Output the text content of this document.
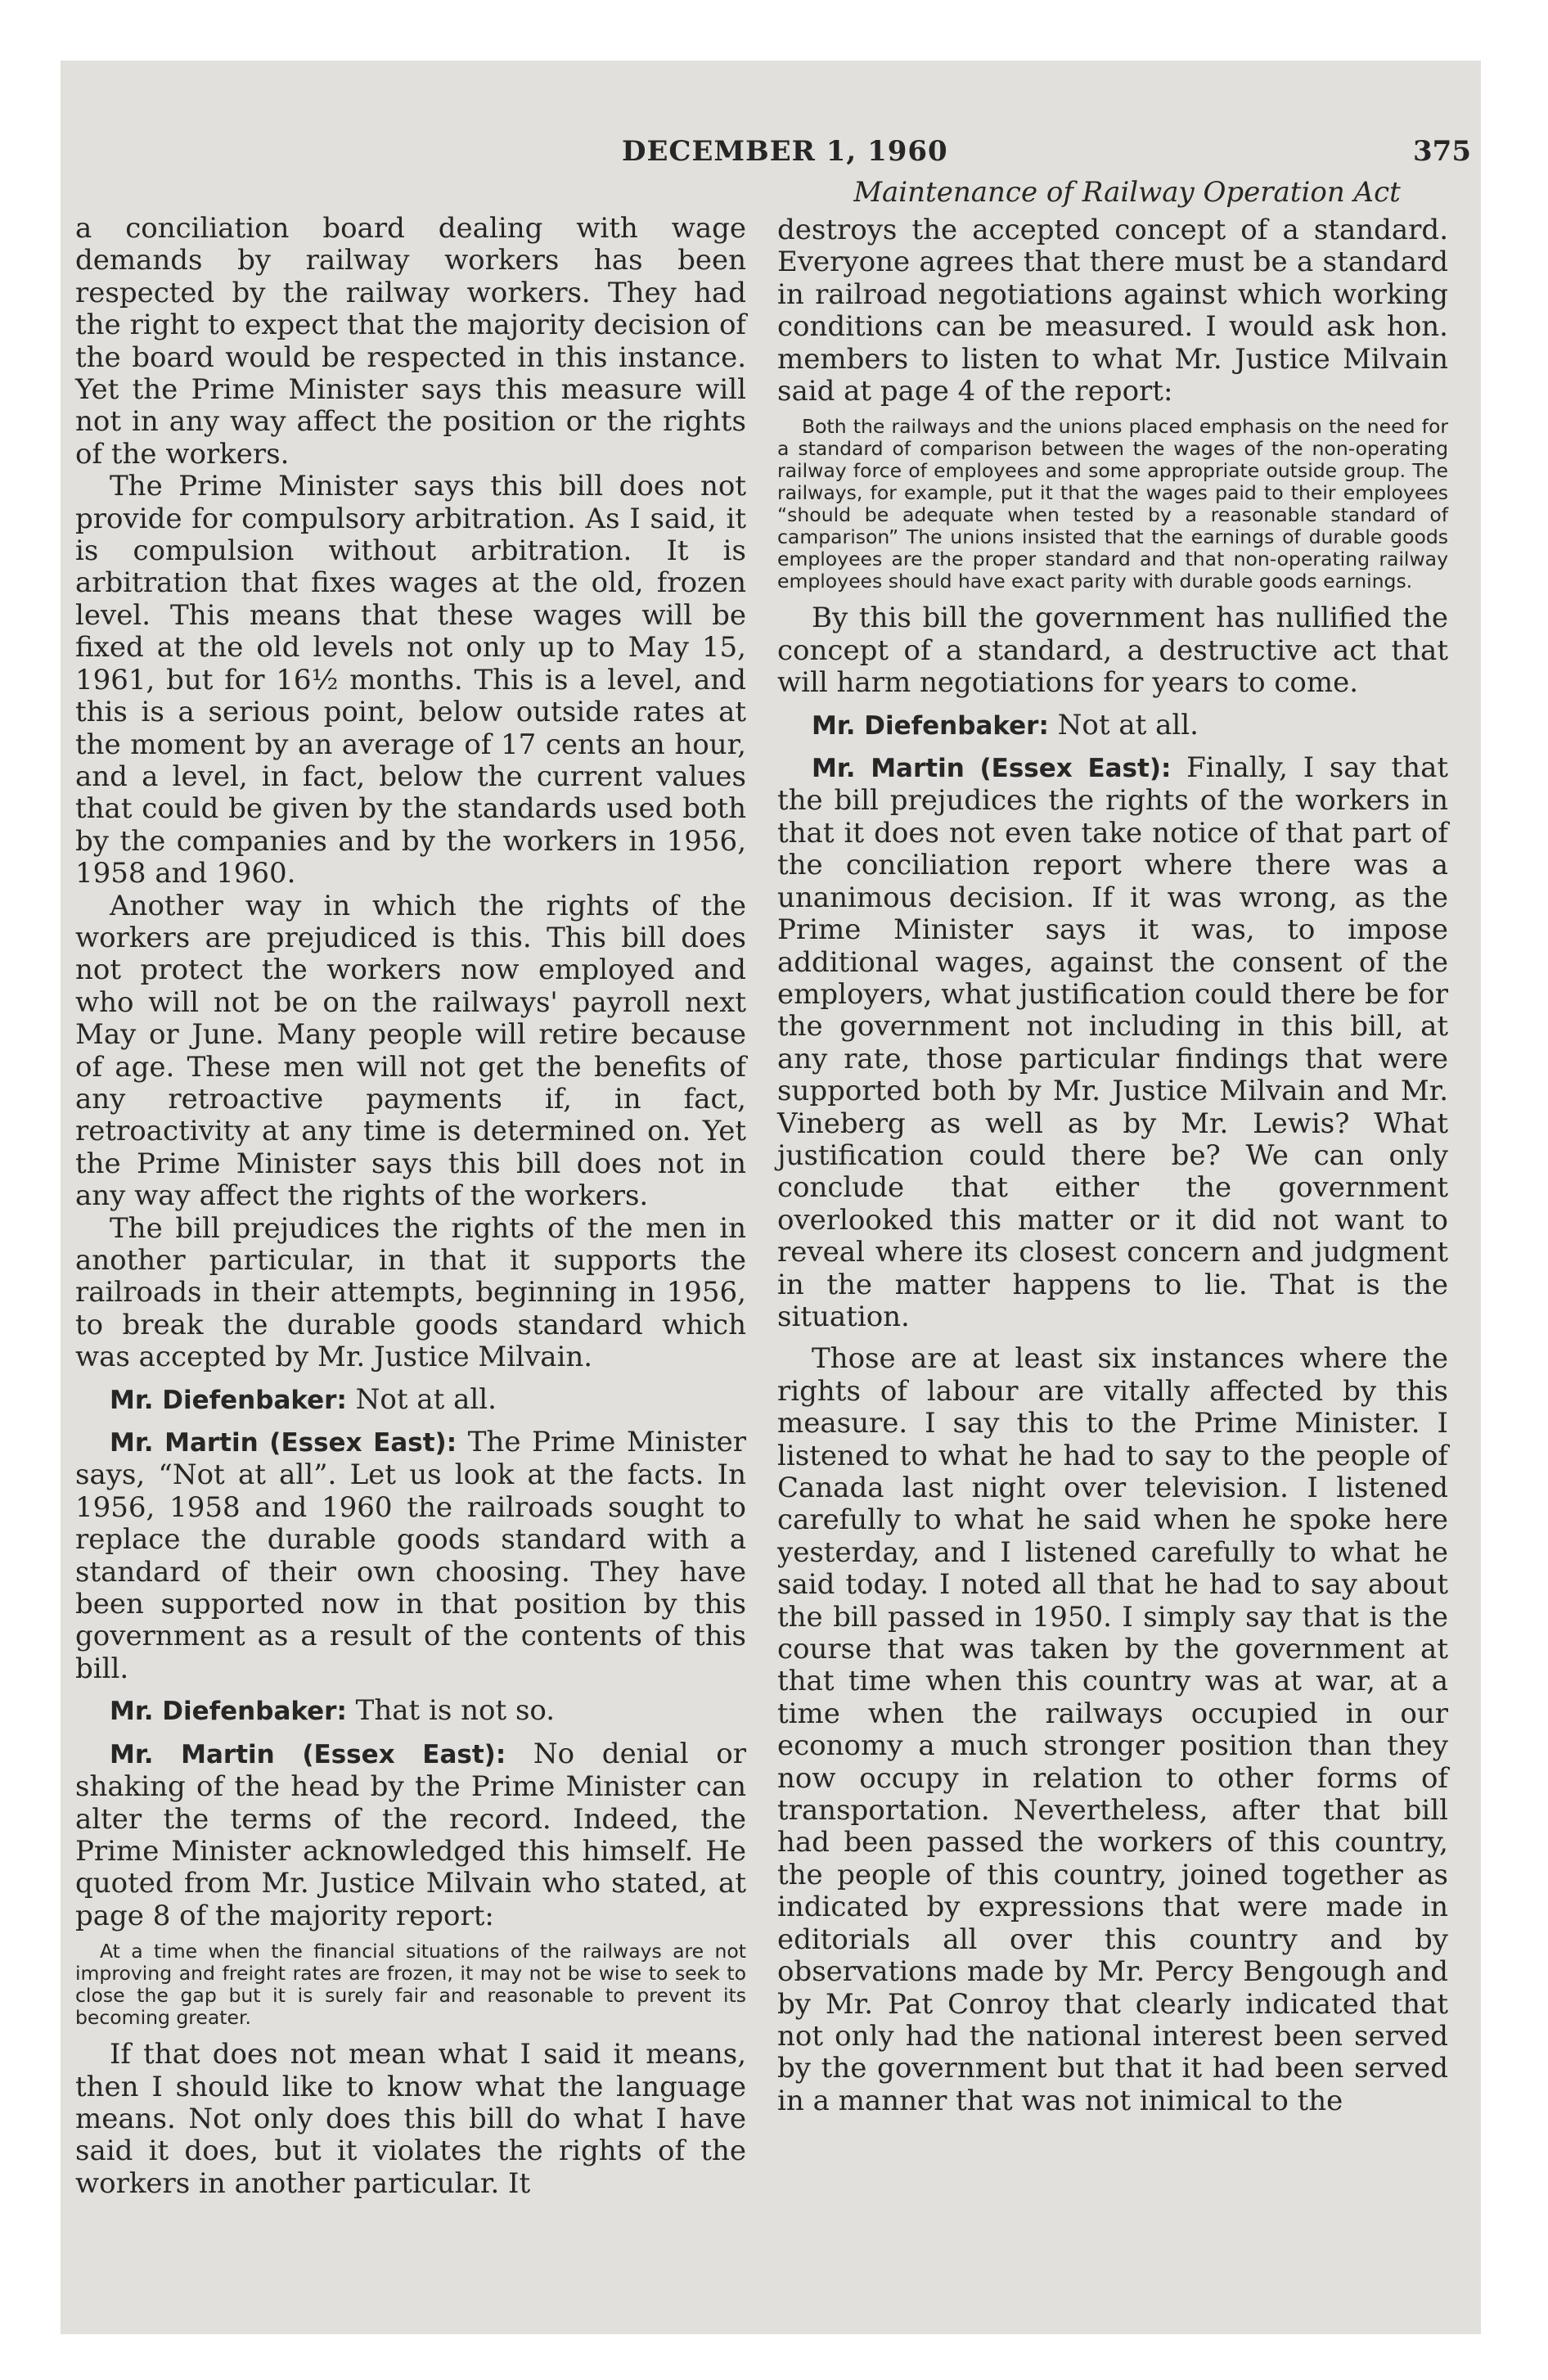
DECEMBER 1, 1960	375
Maintenance of Railway Operation Act

a conciliation board dealing with wage demands by railway workers has been respected by the railway workers. They had the right to expect that the majority decision of the board would be respected in this instance. Yet the Prime Minister says this measure will not in any way affect the position or the rights of the workers.

The Prime Minister says this bill does not provide for compulsory arbitration. As I said, it is compulsion without arbitration. It is arbitration that fixes wages at the old, frozen level. This means that these wages will be fixed at the old levels not only up to May 15, 1961, but for 16½ months. This is a level, and this is a serious point, below outside rates at the moment by an average of 17 cents an hour, and a level, in fact, below the current values that could be given by the standards used both by the companies and by the workers in 1956, 1958 and 1960.

Another way in which the rights of the workers are prejudiced is this. This bill does not protect the workers now employed and who will not be on the railways' payroll next May or June. Many people will retire because of age. These men will not get the benefits of any retroactive payments if, in fact, retroactivity at any time is determined on. Yet the Prime Minister says this bill does not in any way affect the rights of the workers.

The bill prejudices the rights of the men in another particular, in that it supports the railroads in their attempts, beginning in 1956, to break the durable goods standard which was accepted by Mr. Justice Milvain.

Mr. Diefenbaker: Not at all.

Mr. Martin (Essex East): The Prime Minister says, “Not at all”. Let us look at the facts. In 1956, 1958 and 1960 the railroads sought to replace the durable goods standard with a standard of their own choosing. They have been supported now in that position by this government as a result of the contents of this bill.

Mr. Diefenbaker: That is not so.

Mr. Martin (Essex East): No denial or shaking of the head by the Prime Minister can alter the terms of the record. Indeed, the Prime Minister acknowledged this himself. He quoted from Mr. Justice Milvain who stated, at page 8 of the majority report:

At a time when the financial situations of the railways are not improving and freight rates are frozen, it may not be wise to seek to close the gap but it is surely fair and reasonable to prevent its becoming greater.

If that does not mean what I said it means, then I should like to know what the language means. Not only does this bill do what I have said it does, but it violates the rights of the workers in another particular. It

destroys the accepted concept of a standard. Everyone agrees that there must be a standard in railroad negotiations against which working conditions can be measured. I would ask hon. members to listen to what Mr. Justice Milvain said at page 4 of the report:

Both the railways and the unions placed emphasis on the need for a standard of comparison between the wages of the non-operating railway force of employees and some appropriate outside group. The railways, for example, put it that the wages paid to their employees “should be adequate when tested by a reasonable standard of camparison” The unions insisted that the earnings of durable goods employees are the proper standard and that non-operating railway employees should have exact parity with durable goods earnings.

By this bill the government has nullified the concept of a standard, a destructive act that will harm negotiations for years to come.

Mr. Diefenbaker: Not at all.

Mr. Martin (Essex East): Finally, I say that the bill prejudices the rights of the workers in that it does not even take notice of that part of the conciliation report where there was a unanimous decision. If it was wrong, as the Prime Minister says it was, to impose additional wages, against the consent of the employers, what justification could there be for the government not including in this bill, at any rate, those particular findings that were supported both by Mr. Justice Milvain and Mr. Vineberg as well as by Mr. Lewis? What justification could there be? We can only conclude that either the government overlooked this matter or it did not want to reveal where its closest concern and judgment in the matter happens to lie. That is the situation.

Those are at least six instances where the rights of labour are vitally affected by this measure. I say this to the Prime Minister. I listened to what he had to say to the people of Canada last night over television. I listened carefully to what he said when he spoke here yesterday, and I listened carefully to what he said today. I noted all that he had to say about the bill passed in 1950. I simply say that is the course that was taken by the government at that time when this country was at war, at a time when the railways occupied in our economy a much stronger position than they now occupy in relation to other forms of transportation. Nevertheless, after that bill had been passed the workers of this country, the people of this country, joined together as indicated by expressions that were made in editorials all over this country and by observations made by Mr. Percy Bengough and by Mr. Pat Conroy that clearly indicated that not only had the national interest been served by the government but that it had been served in a manner that was not inimical to the
